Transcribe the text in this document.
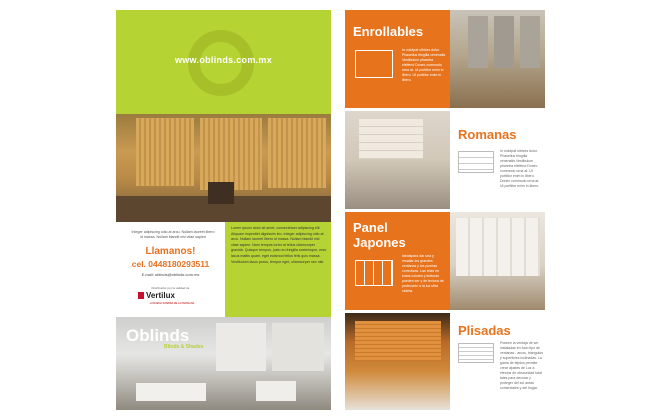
www.oblinds.com.mx
Integer adipiscing odio at arcu. Nullam laoreet libero id massa. Nullam blandit nisl vitae sapien
Llamanos!
cel. 0448180293511
E.mail: oblinds@oblinds.com.mx
Distribuidor por la calidad de
Vertilux
LA BUENA SOMBRA DE LA PERSIANA
Lorem ipsum dolor sit amet, consectetuer adipiscing elit. Aliquam imperdiet dignissim leo. Integer adipiscing odio at arcu. Nullam laoreet libero id massa. Nullam blandit nisl vitae sapien. Nam tempus tortor at tellus ullamcorper gravida. Quisque tempus, justo eu fringilla scelerisque, eros lacus mattis quam, eget euismod tellus felis quis massa. Vestibulum lacus purus, tempor eget, ullamcorper nec nisl.
Oblinds
Blinds & Shades
Enrollables
In volutpat ultrices dolor. Phasellus fringilla venenatis Vestibulum pharetra eleifend Donec commodo urna at. Ut porttitor enim in libero. Ut porttitor enim in libero.
Romanas
In volutpat ultrices dolor. Phasellus fringilla venenatis Vestibulum pharetra eleifend Donec commodo urna at. Ut porttitor enim in libero. Donec commodo urna at. Ut porttitor enim in libero.
Panel Japones
Idealspara dar una y resaltar los grandes ventanas y los puertas corredizas. Las telas en todos colores y texturas pueden ser y de textura de protección a la luz ultra violeta.
Plisadas
Poseen la ventaja de ser instaladas en todo tipo de ventanas - arcos, triangulos y superficies inclinadas. La gama de tejidos permite crear ajustes de Luz a efectos de obscuridad total tales para decorar y proteger del sol areas comerciales y del hogar.
